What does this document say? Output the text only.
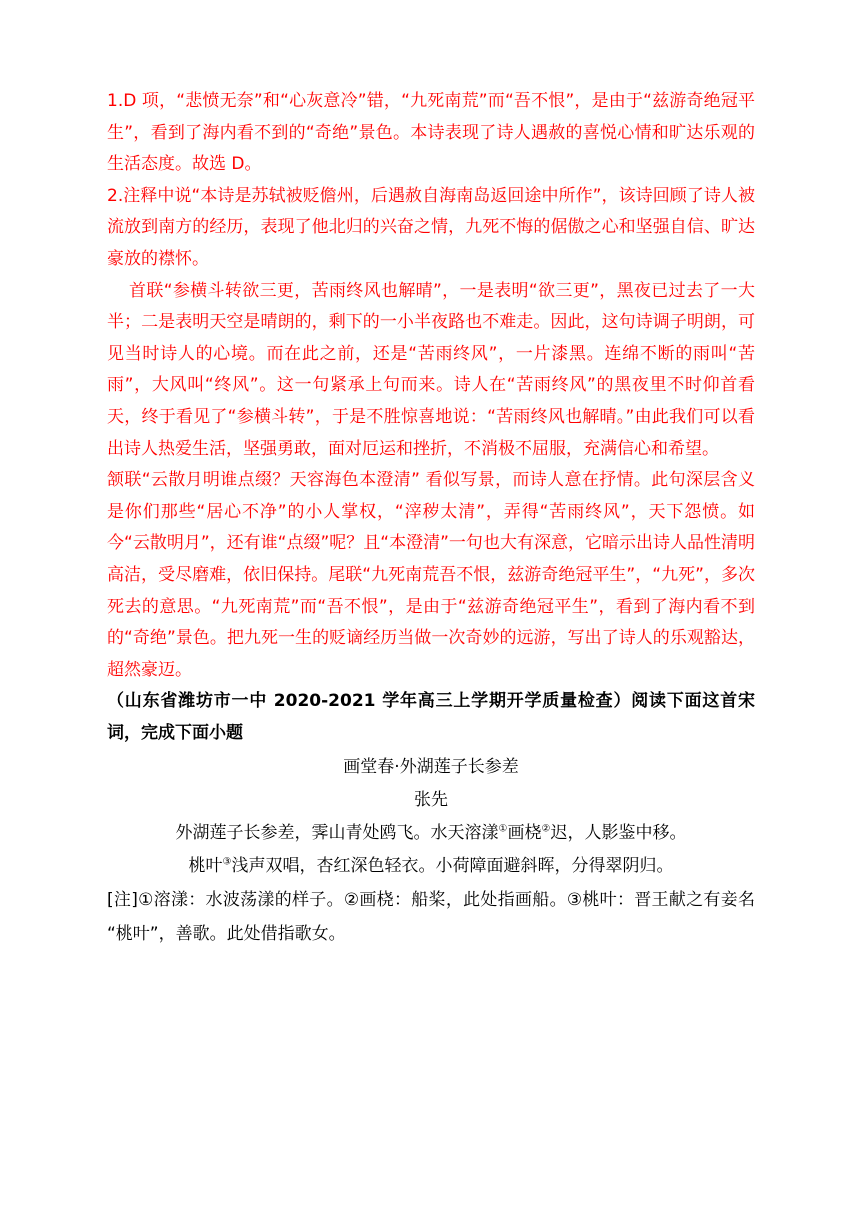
1.D 项，“悲愤无奈”和“心灰意冷”错，“九死南荒”而“吾不恨”，是由于“兹游奇绝冠平生”，看到了海内看不到的“奇绝”景色。本诗表现了诗人遇赦的喜悦心情和旷达乐观的生活态度。故选 D。

2.注释中说“本诗是苏轼被贬儋州，后遇赦自海南岛返回途中所作”，该诗回顾了诗人被流放到南方的经历，表现了他北归的兴奋之情，九死不悔的倨傲之心和坚强自信、旷达豪放的襟怀。

首联“参横斗转欲三更，苦雨终风也解晴”，一是表明“欲三更”，黑夜已过去了一大半；二是表明天空是晴朗的，剩下的一小半夜路也不难走。因此，这句诗调子明朗，可见当时诗人的心境。而在此之前，还是“苦雨终风”，一片漆黑。连绵不断的雨叫“苦雨”，大风叫“终风”。这一句紧承上句而来。诗人在“苦雨终风”的黑夜里不时仰首看天，终于看见了“参横斗转”，于是不胜惊喜地说：“苦雨终风也解晴。”由此我们可以看出诗人热爱生活，坚强勇敢，面对厄运和挫折，不消极不屈服，充满信心和希望。

颔联“云散月明谁点缀？天容海色本澄清” 看似写景，而诗人意在抒情。此句深层含义是你们那些“居心不净”的小人掌权，“滓秽太清”，弄得“苦雨终风”，天下怨愤。如今“云散明月”，还有谁“点缀”呢？且“本澄清”一句也大有深意，它暗示出诗人品性清明高洁，受尽磨难，依旧保持。尾联“九死南荒吾不恨，兹游奇绝冠平生”，“九死”，多次死去的意思。“九死南荒”而“吾不恨”，是由于“兹游奇绝冠平生”，看到了海内看不到的“奇绝”景色。把九死一生的贬谪经历当做一次奇妙的远游，写出了诗人的乐观豁达，超然豪迈。

（山东省潍坊市一中 2020-2021 学年高三上学期开学质量检查）阅读下面这首宋词，完成下面小题

画堂春·外湖莲子长参差

张先

外湖莲子长参差，霁山青处鸥飞。水天溶漾①画桡②迟，人影鉴中移。

桃叶③浅声双唱，杏红深色轻衣。小荷障面避斜晖，分得翠阴归。

[注]①溶漾：水波荡漾的样子。②画桡：船桨，此处指画船。③桃叶：晋王献之有妾名 “桃叶”，善歌。此处借指歌女。
